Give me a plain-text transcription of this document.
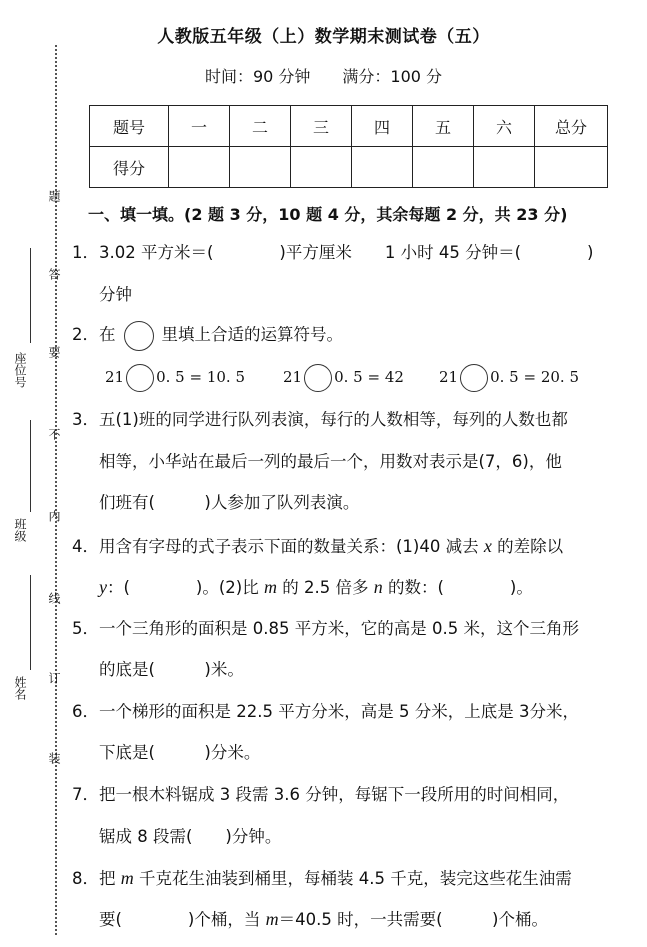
题
答
要
不
内
线
订
装
座位号
班级
姓名
人教版五年级（上）数学期末测试卷（五）
时间：90 分钟　　满分：100 分
题号	一	二	三	四	五	六	总分
得分							
一、填一填。(2 题 3 分，10 题 4 分，其余每题 2 分，共 23 分)
1．3.02 平方米＝(　　　　)平方厘米　　1 小时 45 分钟＝(　　　　)
分钟
2．在	里填上合适的运算符号。
21 0. 5 = 10. 5	21 0. 5 = 42 21 0. 5 = 20. 5
3．五(1)班的同学进行队列表演，每行的人数相等，每列的人数也都
相等，小华站在最后一列的最后一个，用数对表示是(7，6)，他
们班有(　　　)人参加了队列表演。
4．用含有字母的式子表示下面的数量关系：(1)40 减去 x 的差除以
y：(　　　　)。(2)比 m 的 2.5 倍多 n 的数：(　　　　)。
5．一个三角形的面积是 0.85 平方米，它的高是 0.5 米，这个三角形
的底是(　　　)米。
6．一个梯形的面积是 22.5 平方分米，高是 5 分米，上底是 3分米，
下底是(　　　)分米。
7．把一根木料锯成 3 段需 3.6 分钟，每锯下一段所用的时间相同，
锯成 8 段需(　　)分钟。
8．把 m 千克花生油装到桶里，每桶装 4.5 千克，装完这些花生油需
要(　　　　)个桶，当 m＝40.5 时，一共需要(　　　)个桶。
